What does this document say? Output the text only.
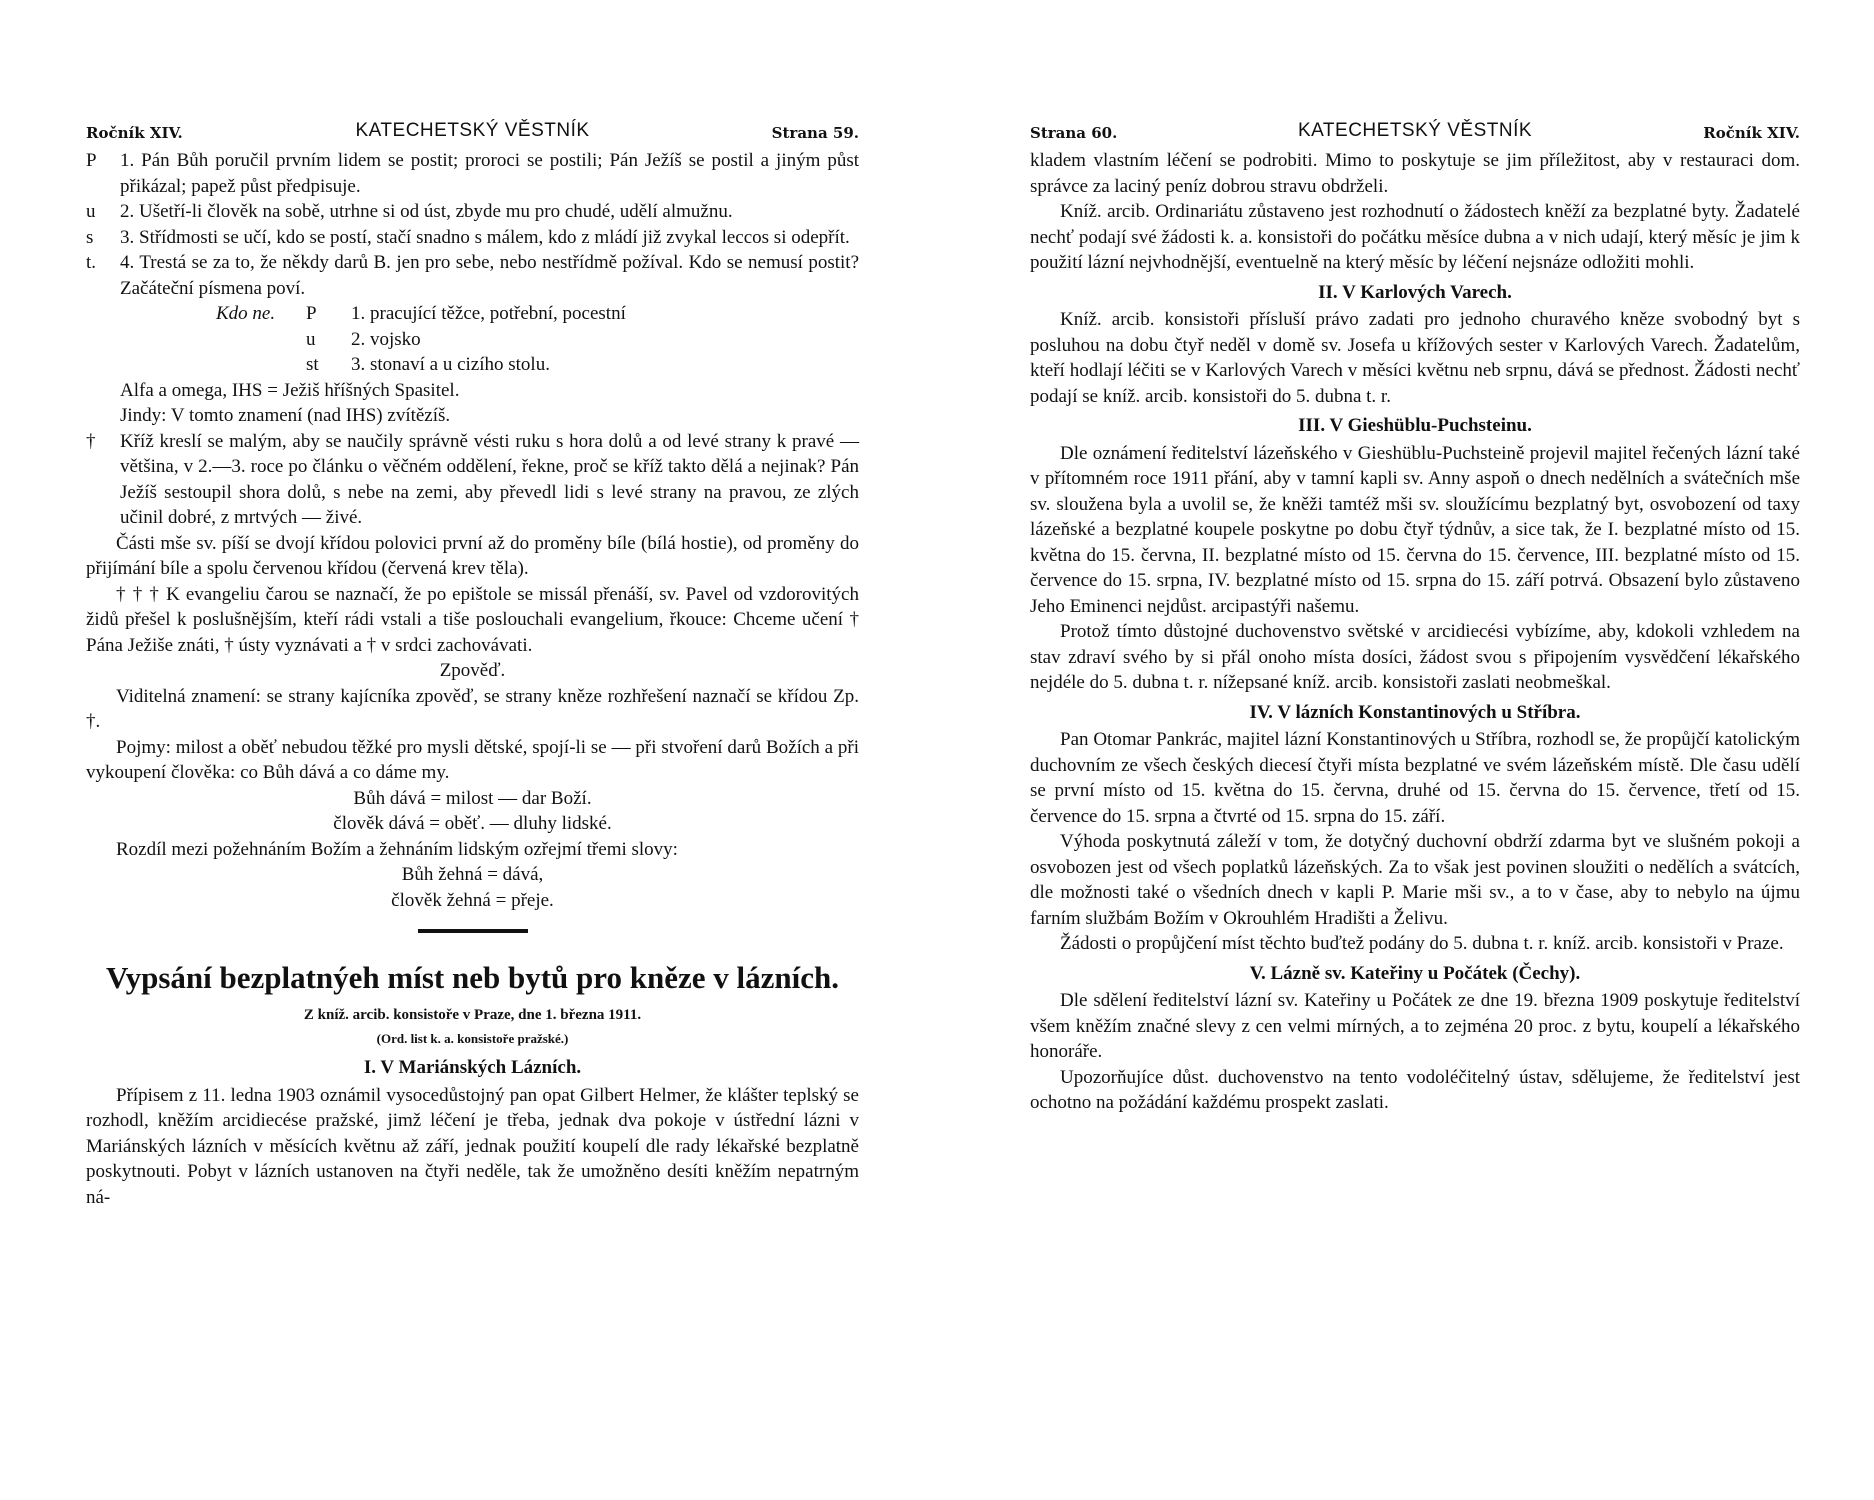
Ročník XIV.	KATECHETSKÝ VĚSTNÍK	Strana 59.
P 1. Pán Bůh poručil prvním lidem se postit; proroci se postili; Pán Ježíš se postil a jiným půst přikázal; papež půst předpisuje.
u 2. Ušetří-li člověk na sobě, utrhne si od úst, zbyde mu pro chudé, udělí almužnu.
s 3. Střídmosti se učí, kdo se postí, stačí snadno s málem, kdo z mládí již zvykal leccos si odepřít.
t. 4. Trestá se za to, že někdy darů B. jen pro sebe, nebo nestřídmě požíval. Kdo se nemusí postit? Začáteční písmena poví.
Kdo ne.	P	1. pracující těžce, potřební, pocestní
u	2. vojsko
st	3. stonaví a u cizího stolu.

Alfa a omega, IHS = Ježiš hříšných Spasitel.

Jindy: V tomto znamení (nad IHS) zvítězíš.

† Kříž kreslí se malým, aby se naučily správně vésti ruku s hora dolů a od levé strany k pravé — většina, v 2.—3. roce po článku o věčném oddělení, řekne, proč se kříž takto dělá a nejinak? Pán Ježíš sestoupil shora dolů, s nebe na zemi, aby převedl lidi s levé strany na pravou, ze zlých učinil dobré, z mrtvých — živé.

Části mše sv. píší se dvojí křídou polovici první až do proměny bíle (bílá hostie), od proměny do přijímání bíle a spolu červenou křídou (červená krev těla).

† † † K evangeliu čarou se naznačí, že po epištole se missál přenáší, sv. Pavel od vzdorovitých židů přešel k poslušnějším, kteří rádi vstali a tiše poslouchali evangelium, řkouce: Chceme učení † Pána Ježiše znáti, † ústy vyznávati a † v srdci zachovávati.

Zpověď.

Viditelná znamení: se strany kajícníka zpověď, se strany kněze rozhřešení naznačí se křídou Zp. †.

Pojmy: milost a oběť nebudou těžké pro mysli dětské, spojí-li se — při stvoření darů Božích a při vykoupení člověka: co Bůh dává a co dáme my.

Bůh dává = milost — dar Boží.

člověk dává = oběť. — dluhy lidské.

Rozdíl mezi požehnáním Božím a žehnáním lidským ozřejmí třemi slovy:

Bůh žehná = dává,

člověk žehná = přeje.

Vypsání bezplatnýeh míst neb bytů pro kněze v lázních.

Z kníž. arcib. konsistoře v Praze, dne 1. března 1911.

(Ord. list k. a. konsistoře pražské.)

I. V Mariánských Lázních.

Přípisem z 11. ledna 1903 oznámil vysocedůstojný pan opat Gilbert Helmer, že klášter teplský se rozhodl, kněžím arcidiecése pražské, jimž léčení je třeba, jednak dva pokoje v ústřední lázni v Mariánských lázních v měsících květnu až září, jednak použití koupelí dle rady lékařské bezplatně poskytnouti. Pobyt v lázních ustanoven na čtyři neděle, tak že umožněno desíti kněžím nepatrným ná-

Strana 60.	KATECHETSKÝ VĚSTNÍK	Ročník XIV.

kladem vlastním léčení se podrobiti. Mimo to poskytuje se jim příležitost, aby v restauraci dom. správce za laciný peníz dobrou stravu obdrželi.

Kníž. arcib. Ordinariátu zůstaveno jest rozhodnutí o žádostech kněží za bezplatné byty. Žadatelé nechť podají své žádosti k. a. konsistoři do počátku měsíce dubna a v nich udají, který měsíc je jim k použití lázní nejvhodnější, eventuelně na který měsíc by léčení nejsnáze odložiti mohli.

II. V Karlových Varech.

Kníž. arcib. konsistoři přísluší právo zadati pro jednoho churavého kněze svobodný byt s posluhou na dobu čtyř neděl v domě sv. Josefa u křížových sester v Karlových Varech. Žadatelům, kteří hodlají léčiti se v Karlových Varech v měsíci květnu neb srpnu, dává se přednost. Žádosti nechť podají se kníž. arcib. konsistoři do 5. dubna t. r.

III. V Gieshüblu-Puchsteinu.

Dle oznámení ředitelství lázeňského v Gieshüblu-Puchsteině projevil majitel řečených lázní také v přítomném roce 1911 přání, aby v tamní kapli sv. Anny aspoň o dnech nedělních a svátečních mše sv. sloužena byla a uvolil se, že kněži tamtéž mši sv. sloužícímu bezplatný byt, osvobození od taxy lázeňské a bezplatné koupele poskytne po dobu čtyř týdnův, a sice tak, že I. bezplatné místo od 15. května do 15. června, II. bezplatné místo od 15. června do 15. července, III. bezplatné místo od 15. července do 15. srpna, IV. bezplatné místo od 15. srpna do 15. září potrvá. Obsazení bylo zůstaveno Jeho Eminenci nejdůst. arcipastýři našemu.

Protož tímto důstojné duchovenstvo světské v arcidiecési vybízíme, aby, kdokoli vzhledem na stav zdraví svého by si přál onoho místa dosíci, žádost svou s připojením vysvědčení lékařského nejdéle do 5. dubna t. r. nížepsané kníž. arcib. konsistoři zaslati neobmeškal.

IV. V lázních Konstantinových u Stříbra.

Pan Otomar Pankrác, majitel lázní Konstantinových u Stříbra, rozhodl se, že propůjčí katolickým duchovním ze všech českých diecesí čtyři místa bezplatné ve svém lázeňském místě. Dle času udělí se první místo od 15. května do 15. června, druhé od 15. června do 15. července, třetí od 15. července do 15. srpna a čtvrté od 15. srpna do 15. září.

Výhoda poskytnutá záleží v tom, že dotyčný duchovní obdrží zdarma byt ve slušném pokoji a osvobozen jest od všech poplatků lázeňských. Za to však jest povinen sloužiti o nedělích a svátcích, dle možnosti také o všedních dnech v kapli P. Marie mši sv., a to v čase, aby to nebylo na újmu farním službám Božím v Okrouhlém Hradišti a Želivu.

Žádosti o propůjčení míst těchto buďtež podány do 5. dubna t. r. kníž. arcib. konsistoři v Praze.

V. Lázně sv. Kateřiny u Počátek (Čechy).

Dle sdělení ředitelství lázní sv. Kateřiny u Počátek ze dne 19. března 1909 poskytuje ředitelství všem kněžím značné slevy z cen velmi mírných, a to zejména 20 proc. z bytu, koupelí a lékařského honoráře.

Upozorňujíce důst. duchovenstvo na tento vodoléčitelný ústav, sdělujeme, že ředitelství jest ochotno na požádání každému prospekt zaslati.
